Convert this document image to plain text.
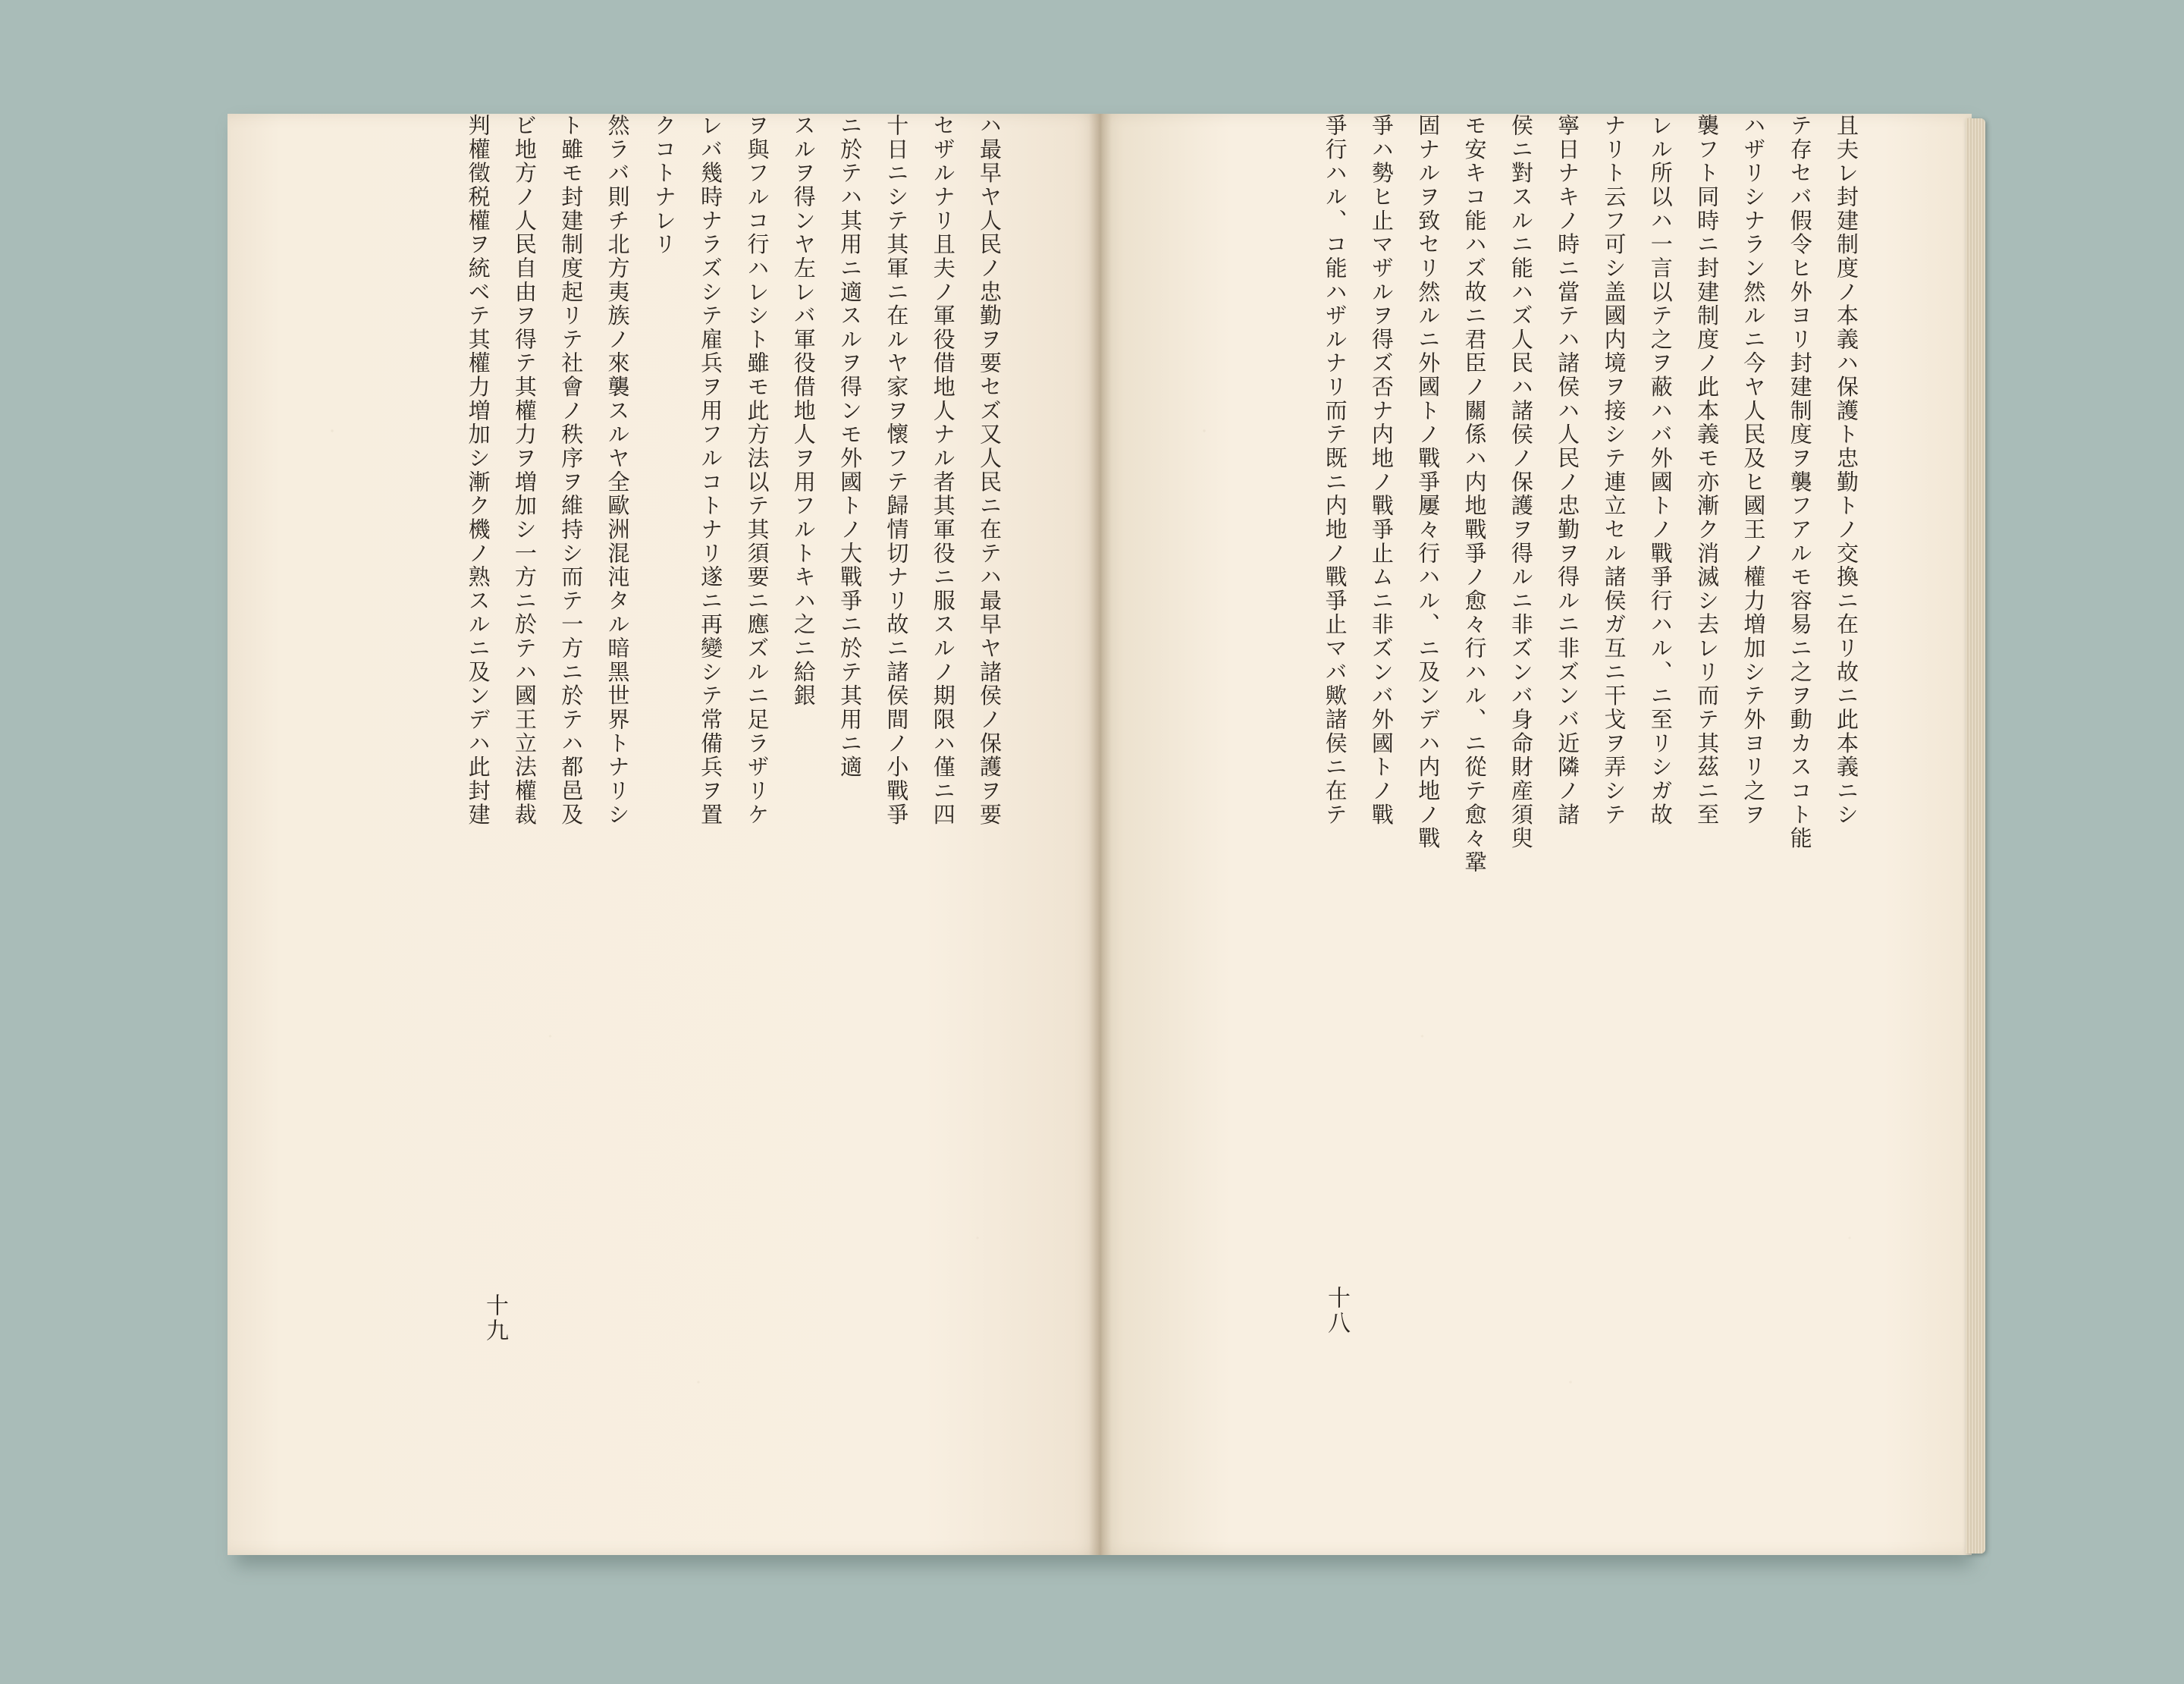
且夫レ封建制度ノ本義ハ保護ト忠勤トノ交換ニ在リ故ニ此本義ニシ
テ存セバ假令ヒ外ヨリ封建制度ヲ襲フアルモ容易ニ之ヲ動カスコト能
ハザリシナラン然ルニ今ヤ人民及ヒ國王ノ權力増加シテ外ヨリ之ヲ
襲フト同時ニ封建制度ノ此本義モ亦漸ク消滅シ去レリ而テ其茲ニ至
レル所以ハ一言以テ之ヲ蔽ハバ外國トノ戰爭行ハル、ニ至リシガ故
ナリト云フ可シ盖國内境ヲ接シテ連立セル諸侯ガ互ニ干戈ヲ弄シテ
寧日ナキノ時ニ當テハ諸侯ハ人民ノ忠勤ヲ得ルニ非ズンバ近隣ノ諸
侯ニ對スルニ能ハズ人民ハ諸侯ノ保護ヲ得ルニ非ズンバ身命財産須臾
モ安キコ能ハズ故ニ君臣ノ關係ハ内地戰爭ノ愈々行ハル、ニ從テ愈々鞏
固ナルヲ致セリ然ルニ外國トノ戰爭屢々行ハル、ニ及ンデハ内地ノ戰
爭ハ勢ヒ止マザルヲ得ズ否ナ内地ノ戰爭止ムニ非ズンバ外國トノ戰
爭行ハル、コ能ハザルナリ而テ既ニ内地ノ戰爭止マバ歟諸侯ニ在テ
十八
ハ最早ヤ人民ノ忠勤ヲ要セズ又人民ニ在テハ最早ヤ諸侯ノ保護ヲ要
セザルナリ且夫ノ軍役借地人ナル者其軍役ニ服スルノ期限ハ僅ニ四
十日ニシテ其軍ニ在ルヤ家ヲ懷フテ歸情切ナリ故ニ諸侯間ノ小戰爭
ニ於テハ其用ニ適スルヲ得ンモ外國トノ大戰爭ニ於テ其用ニ適
スルヲ得ンヤ左レバ軍役借地人ヲ用フルトキハ之ニ給銀
ヲ與フルコ行ハレシト雖モ此方法以テ其須要ニ應ズルニ足ラザリケ
レバ幾時ナラズシテ雇兵ヲ用フルコトナリ遂ニ再變シテ常備兵ヲ置
クコトナレリ
然ラバ則チ北方夷族ノ來襲スルヤ全歐洲混沌タル暗黑世界トナリシ
ト雖モ封建制度起リテ社會ノ秩序ヲ維持シ而テ一方ニ於テハ都邑及
ビ地方ノ人民自由ヲ得テ其權力ヲ増加シ一方ニ於テハ國王立法權裁
判權徵税權ヲ統ベテ其權力増加シ漸ク機ノ熟スルニ及ンデハ此封建
十九
